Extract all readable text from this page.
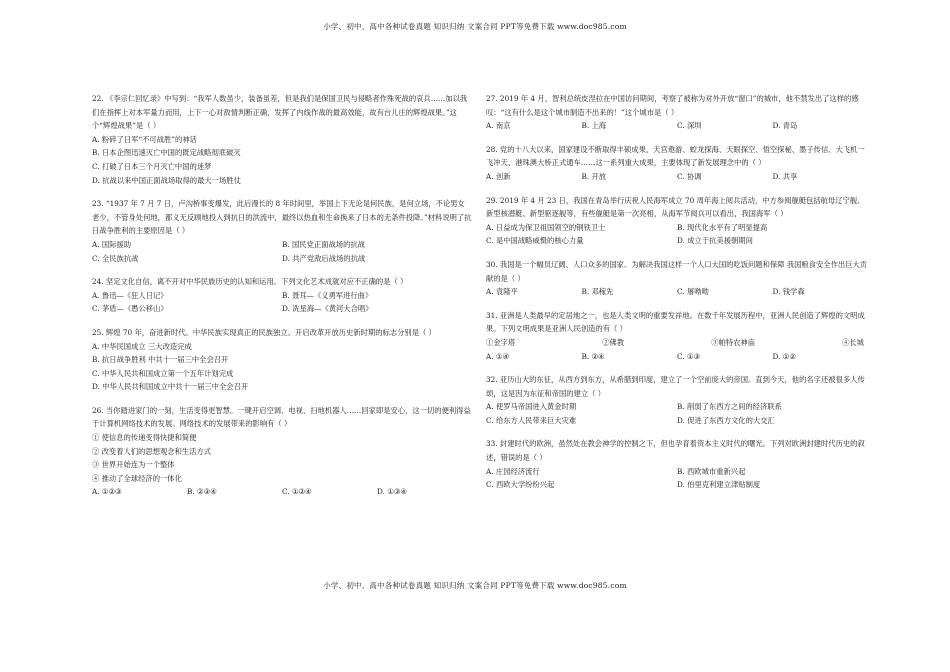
小学、初中、高中各种试卷真题 知识归纳 文案合同 PPT等免费下载 www.doc985.com
22. 《李宗仁回忆录》中写到：“我军人数虽少，装备虽差，但是我们是保国卫民与侵略者作殊死战的哀兵……加以我们在指挥上对本军量力而用，上下一心对敌情判断正确，发挥了内线作战的最高效能，故有台儿庄的辉煌战果。”这个“辉煌战果”是（ ）
A. 粉碎了日军“不可战胜”的神话
B. 日本企图迅速灭亡中国的既定战略彻底破灭
C. 打破了日本三个月灭亡中国的迷梦
D. 抗战以来中国正面战场取得的最大一场胜仗
23. “1937 年 7 月 7 日，卢沟桥事变爆发，此后漫长的 8 年时间里，举国上下无论是何民族，是何立场，不论男女老少，不管身处何地，都义无反顾地投入到抗日的洪流中，最终以热血和生命换来了日本的无条件投降。”材料说明了抗日战争胜利的主要原因是（ ）
A. 国际援助	B. 国民党正面战场的抗战
C. 全民族抗战	D. 共产党敌后战场的抗战
24. 坚定文化自信，离不开对中华民族历史的认知和运用。下列文化艺术成就对应不正确的是（ ）
A. 鲁迅—《狂人日记》	B. 聂耳—《义勇军进行曲》
C. 茅盾—《愚公移山》	D. 冼星海—《黄河大合唱》
25. 辉煌 70 年，奋进新时代。中华民族实现真正的民族独立、开启改革开放历史新时期的标志分别是（ ）
A. 中华民国成立 三大改造完成
B. 抗日战争胜利 中共十一届三中全会召开
C. 中华人民共和国成立第一个五年计划完成
D. 中华人民共和国成立中共十一届三中全会召开
26. 当你踏进家门的一刻，生活变得更智慧。一键开启空调、电视、扫地机器人……回家即是安心，这一切的便利得益于计算机网络技术的发展。网络技术的发展带来的影响有（ ）
① 使信息的传递变得快捷和简便
② 改变着人们的思想观念和生活方式
③ 世界开始连为一个整体
④ 推动了全球经济的一体化
A. ①②③	B. ②③④	C. ①②④	D. ①③④
27. 2019 年 4 月，智利总统皮涅拉在中国访问期间，考察了被称为对外开放“窗口”的城市，他不禁发出了这样的感叹：“这有什么是这个城市制造不出来的！”这个城市是（ ）
A. 南京	B. 上海	C. 深圳	D. 青岛
28. 党的十八大以来，国家建设不断取得丰硕成果，天宫遨游、蛟龙探海、天眼探空、悟空探秘、墨子传信、大飞机一飞冲天、港珠澳大桥正式通车……这一系列重大成果，主要体现了新发展理念中的（ ）
A. 创新	B. 开放	C. 协调	D. 共享
29. 2019 年 4 月 23 日，我国在青岛举行庆祝人民海军成立 70 周年海上阅兵活动，中方参阅舰艇包括航母辽宁舰、新型核潜艇、新型驱逐舰等，有些舰艇是第一次亮相，从海军节阅兵可以看出，我国海军（ ）
A. 日益成为保卫祖国领空的钢铁卫士	B. 现代化水平有了明显提高
C. 是中国战略威慑的核心力量	D. 成立于抗美援朝期间
30. 我国是一个幅员辽阔、人口众多的国家。为解决我国这样一个人口大国的吃饭问题和保障 我国粮食安全作出巨大贡献的是（ ）
A. 袁隆平	B. 邓稼先	C. 屠呦呦	D. 钱学森
31. 亚洲是人类最早的定居地之一，也是人类文明的重要发祥地。在数千年发展历程中，亚洲人民创造了辉煌的文明成果。下列文明成果是亚洲人民创造的有（ ）
①金字塔	②佛教	③帕特农神庙	④长城
A. ①④	B. ②④	C. ①③	D. ①②
32. 亚历山大的东征，从西方到东方，从希腊到印度，建立了一个空前庞大的帝国。直到今天，他的名字还被很多人传颂，这是因为东征和帝国的建立（ ）
A. 使罗马帝国进入黄金时期	B. 削弱了东西方之间的经济联系
C. 给东方人民带来巨大灾难	D. 促进了东西方文化的大交汇
33. 封建时代的欧洲，虽然处在教会神学的控制之下，但也孕育着资本主义时代的曙光。下列对欧洲封建时代历史的叙述，错误的是（ ）
A. 庄园经济流行	B. 西欧城市重新兴起
C. 西欧大学纷纷兴起	D. 伯里克利建立津贴制度
小学、初中、高中各种试卷真题 知识归纳 文案合同 PPT等免费下载 www.doc985.com
